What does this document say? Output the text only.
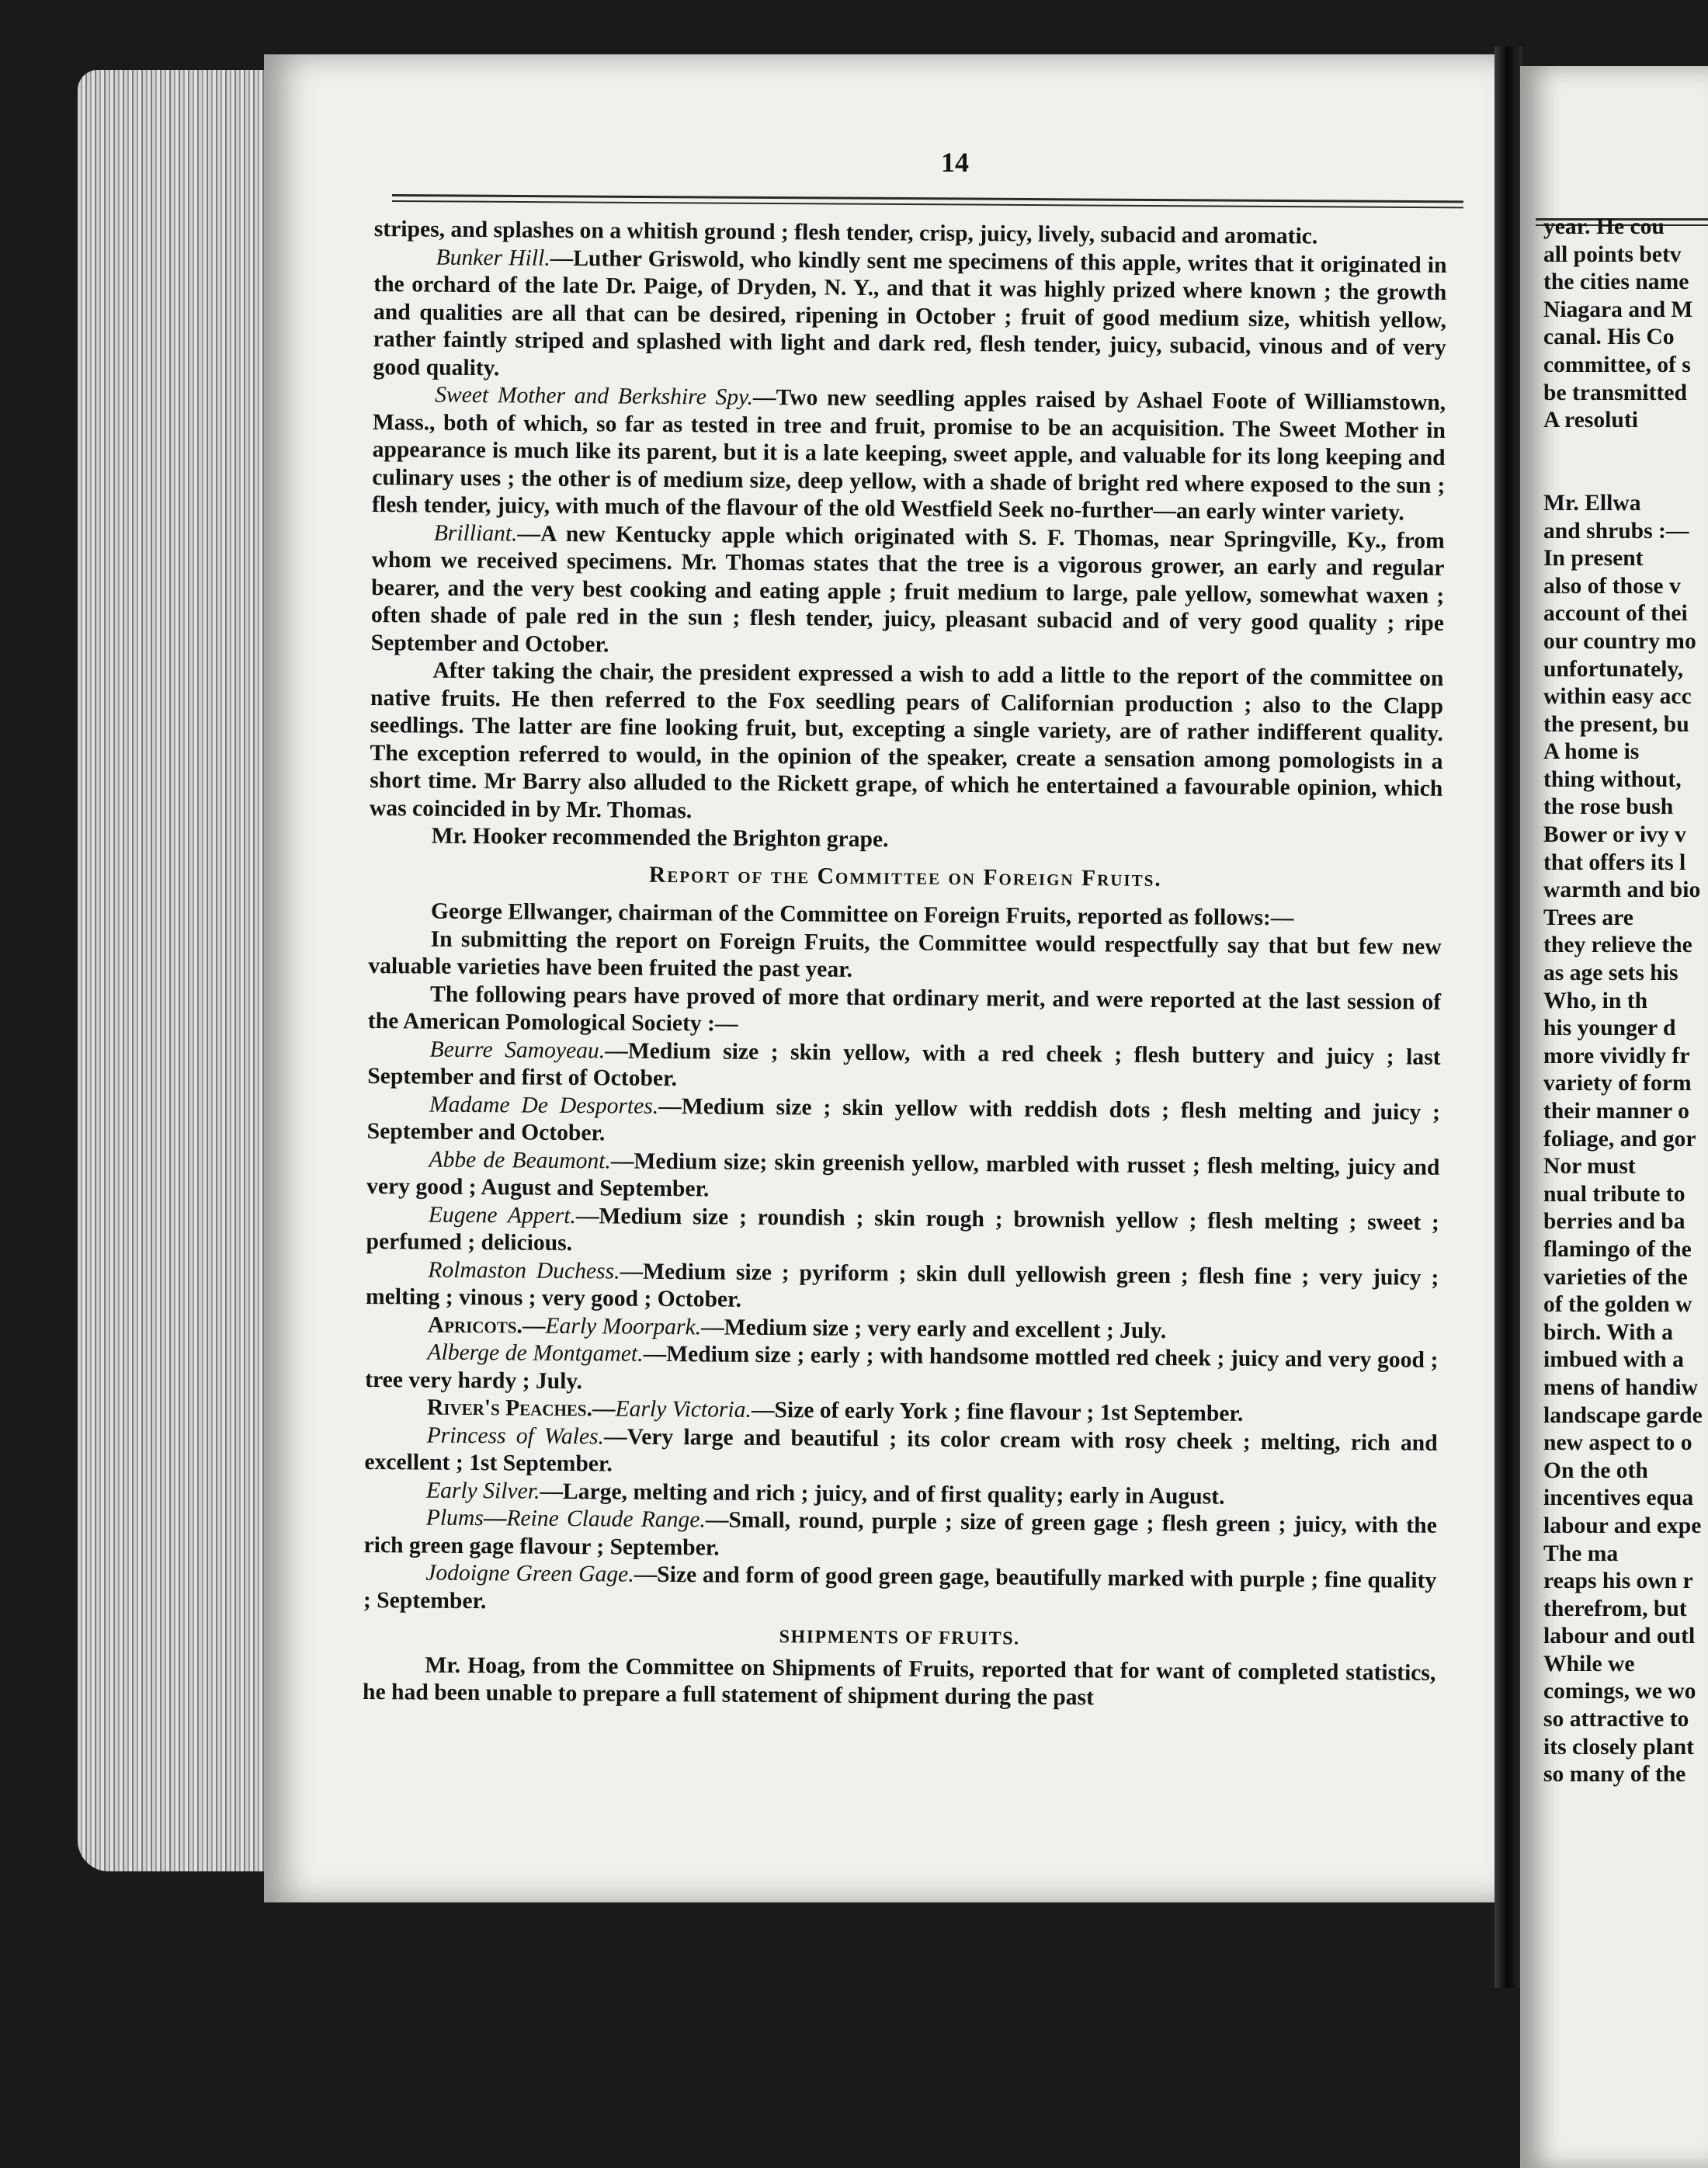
14

stripes, and splashes on a whitish ground ; flesh tender, crisp, juicy, lively, subacid and aromatic.

Bunker Hill.—Luther Griswold, who kindly sent me specimens of this apple, writes that it originated in the orchard of the late Dr. Paige, of Dryden, N. Y., and that it was highly prized where known ; the growth and qualities are all that can be desired, ripening in October ; fruit of good medium size, whitish yellow, rather faintly striped and splashed with light and dark red, flesh tender, juicy, subacid, vinous and of very good quality.

Sweet Mother and Berkshire Spy.—Two new seedling apples raised by Ashael Foote of Williamstown, Mass., both of which, so far as tested in tree and fruit, promise to be an acquisition. The Sweet Mother in appearance is much like its parent, but it is a late keeping, sweet apple, and valuable for its long keeping and culinary uses ; the other is of medium size, deep yellow, with a shade of bright red where exposed to the sun ; flesh tender, juicy, with much of the flavour of the old Westfield Seek no-further—an early winter variety.

Brilliant.—A new Kentucky apple which originated with S. F. Thomas, near Springville, Ky., from whom we received specimens. Mr. Thomas states that the tree is a vigorous grower, an early and regular bearer, and the very best cooking and eating apple ; fruit medium to large, pale yellow, somewhat waxen ; often shade of pale red in the sun ; flesh tender, juicy, pleasant subacid and of very good quality ; ripe September and October.

After taking the chair, the president expressed a wish to add a little to the report of the committee on native fruits. He then referred to the Fox seedling pears of Californian production ; also to the Clapp seedlings. The latter are fine looking fruit, but, excepting a single variety, are of rather indifferent quality. The exception referred to would, in the opinion of the speaker, create a sensation among pomologists in a short time. Mr Barry also alluded to the Rickett grape, of which he entertained a favourable opinion, which was coincided in by Mr. Thomas.

Mr. Hooker recommended the Brighton grape.

Report of the Committee on Foreign Fruits.

George Ellwanger, chairman of the Committee on Foreign Fruits, reported as follows:—

In submitting the report on Foreign Fruits, the Committee would respectfully say that but few new valuable varieties have been fruited the past year.

The following pears have proved of more that ordinary merit, and were reported at the last session of the American Pomological Society :—

Beurre Samoyeau.—Medium size ; skin yellow, with a red cheek ; flesh buttery and juicy ; last September and first of October.

Madame De Desportes.—Medium size ; skin yellow with reddish dots ; flesh melting and juicy ; September and October.

Abbe de Beaumont.—Medium size; skin greenish yellow, marbled with russet ; flesh melting, juicy and very good ; August and September.

Eugene Appert.—Medium size ; roundish ; skin rough ; brownish yellow ; flesh melting ; sweet ; perfumed ; delicious.

Rolmaston Duchess.—Medium size ; pyriform ; skin dull yellowish green ; flesh fine ; very juicy ; melting ; vinous ; very good ; October.

Apricots.—Early Moorpark.—Medium size ; very early and excellent ; July.

Alberge de Montgamet.—Medium size ; early ; with handsome mottled red cheek ; juicy and very good ; tree very hardy ; July.

River's Peaches.—Early Victoria.—Size of early York ; fine flavour ; 1st September.

Princess of Wales.—Very large and beautiful ; its color cream with rosy cheek ; melting, rich and excellent ; 1st September.

Early Silver.—Large, melting and rich ; juicy, and of first quality; early in August.

Plums—Reine Claude Range.—Small, round, purple ; size of green gage ; flesh green ; juicy, with the rich green gage flavour ; September.

Jodoigne Green Gage.—Size and form of good green gage, beautifully marked with purple ; fine quality ; September.

SHIPMENTS OF FRUITS.

Mr. Hoag, from the Committee on Shipments of Fruits, reported that for want of completed statistics, he had been unable to prepare a full statement of shipment during the past

year. He cou
all points betv
the cities name
Niagara and M
canal. His Co
committee, of s
be transmitted
A resoluti
Mr. Ellwa
and shrubs :—
In present
also of those v
account of thei
our country mo
unfortunately,
within easy acc
the present, bu
A home is
thing without,
the rose bush
Bower or ivy v
that offers its l
warmth and bio
Trees are
they relieve the
as age sets his
Who, in th
his younger d
more vividly fr
variety of form
their manner o
foliage, and gor
Nor must
nual tribute to
berries and ba
flamingo of the
varieties of the
of the golden w
birch. With a
imbued with a
mens of handiw
landscape garde
new aspect to o
On the oth
incentives equa
labour and expe
The ma
reaps his own r
therefrom, but
labour and outl
While we
comings, we wo
so attractive to
its closely plant
so many of the
